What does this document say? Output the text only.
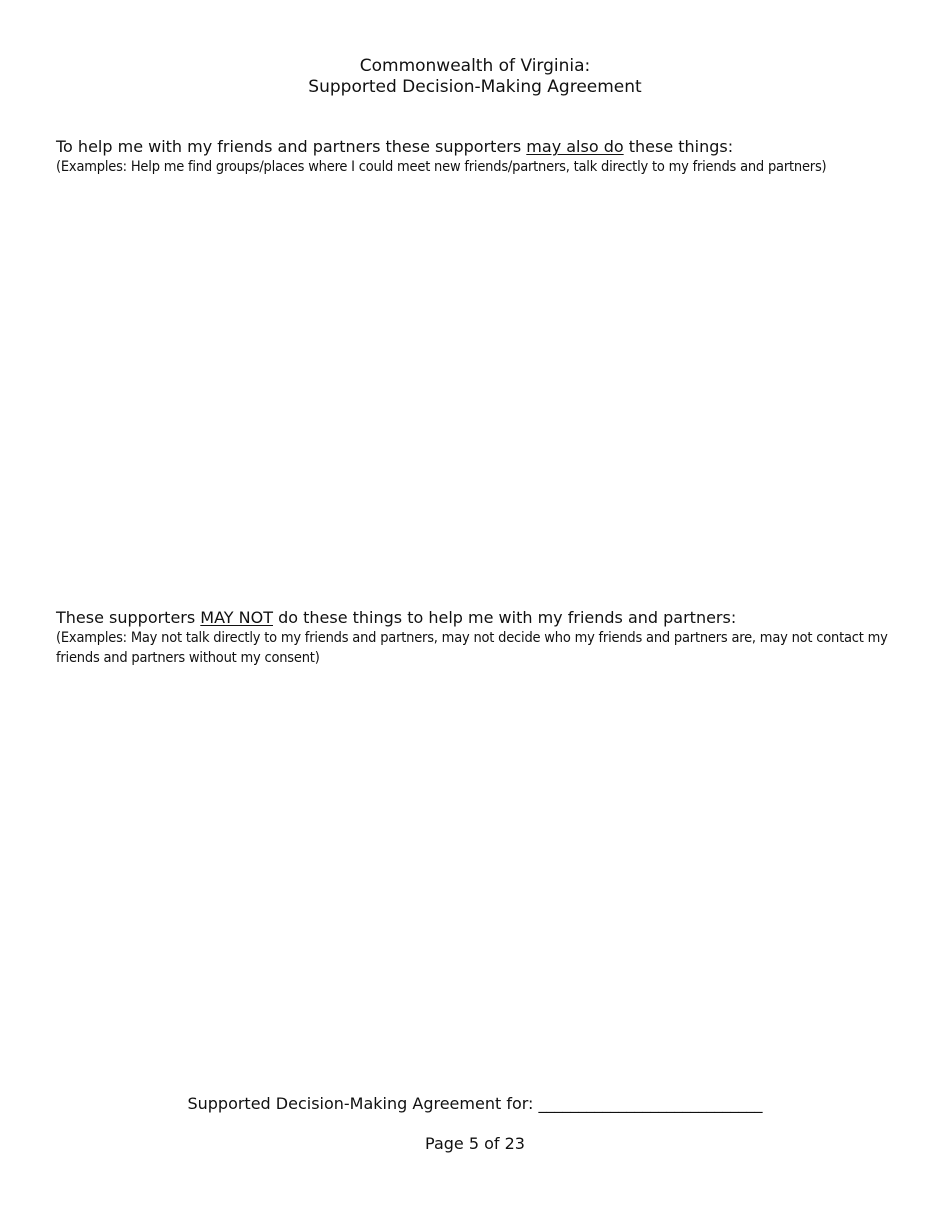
Commonwealth of Virginia:
Supported Decision-Making Agreement
To help me with my friends and partners these supporters may also do these things:
(Examples: Help me find groups/places where I could meet new friends/partners, talk directly to my friends and partners)
These supporters MAY NOT do these things to help me with my friends and partners:
(Examples: May not talk directly to my friends and partners, may not decide who my friends and partners are, may not contact my friends and partners without my consent)
Supported Decision-Making Agreement for: ____________________________
Page 5 of 23
